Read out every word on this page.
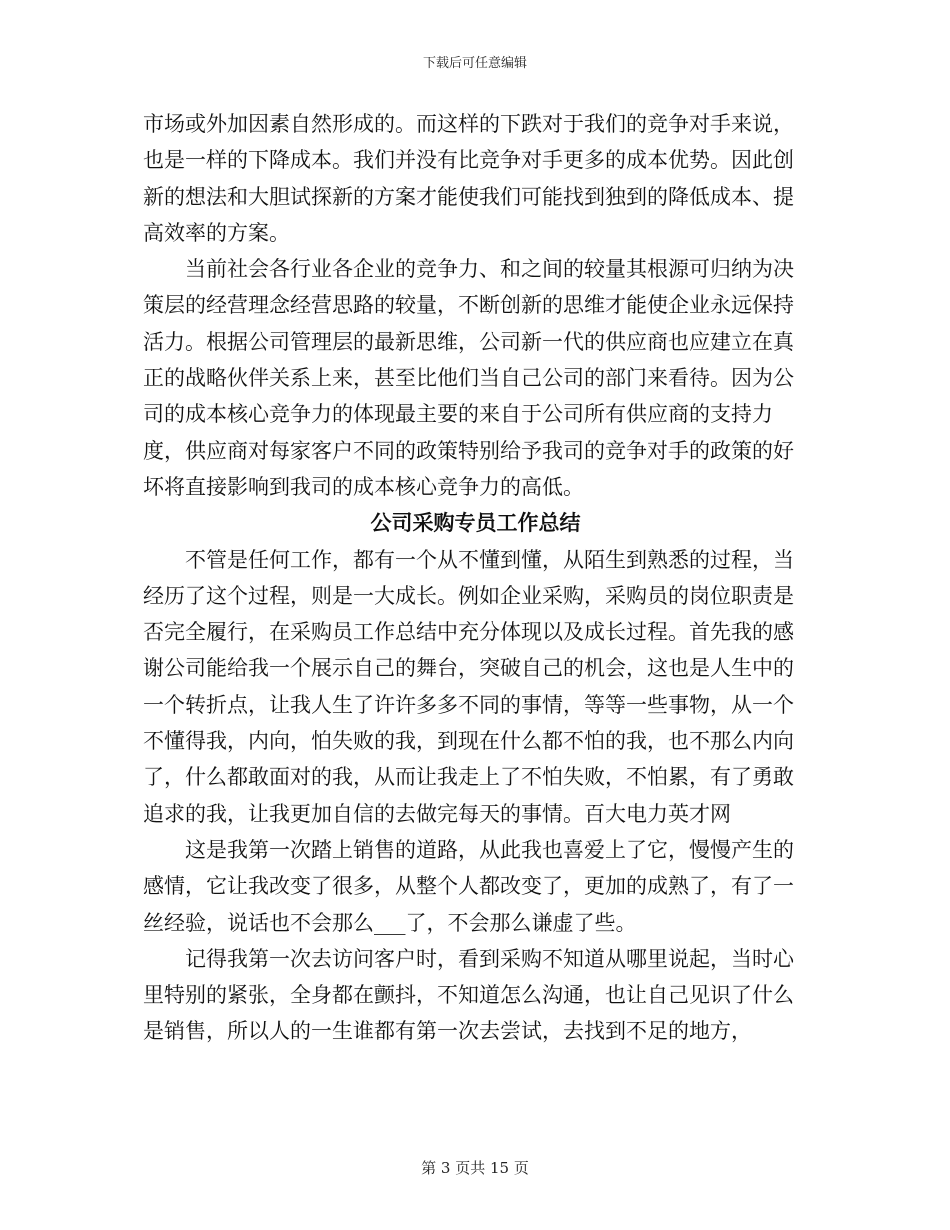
下载后可任意编辑

市场或外加因素自然形成的。而这样的下跌对于我们的竞争对手来说，也是一样的下降成本。我们并没有比竞争对手更多的成本优势。因此创新的想法和大胆试探新的方案才能使我们可能找到独到的降低成本、提高效率的方案。

当前社会各行业各企业的竞争力、和之间的较量其根源可归纳为决策层的经营理念经营思路的较量，不断创新的思维才能使企业永远保持活力。根据公司管理层的最新思维，公司新一代的供应商也应建立在真正的战略伙伴关系上来，甚至比他们当自己公司的部门来看待。因为公司的成本核心竞争力的体现最主要的来自于公司所有供应商的支持力度，供应商对每家客户不同的政策特别给予我司的竞争对手的政策的好坏将直接影响到我司的成本核心竞争力的高低。

公司采购专员工作总结

不管是任何工作，都有一个从不懂到懂，从陌生到熟悉的过程，当经历了这个过程，则是一大成长。例如企业采购，采购员的岗位职责是否完全履行，在采购员工作总结中充分体现以及成长过程。首先我的感谢公司能给我一个展示自己的舞台，突破自己的机会，这也是人生中的一个转折点，让我人生了许许多多不同的事情，等等一些事物，从一个不懂得我，内向，怕失败的我，到现在什么都不怕的我，也不那么内向了，什么都敢面对的我，从而让我走上了不怕失败，不怕累，有了勇敢追求的我，让我更加自信的去做完每天的事情。百大电力英才网

这是我第一次踏上销售的道路，从此我也喜爱上了它，慢慢产生的感情，它让我改变了很多，从整个人都改变了，更加的成熟了，有了一丝经验，说话也不会那么___了，不会那么谦虚了些。

记得我第一次去访问客户时，看到采购不知道从哪里说起，当时心里特别的紧张，全身都在颤抖，不知道怎么沟通，也让自己见识了什么是销售，所以人的一生谁都有第一次去尝试，去找到不足的地方，

第 3 页共 15 页
